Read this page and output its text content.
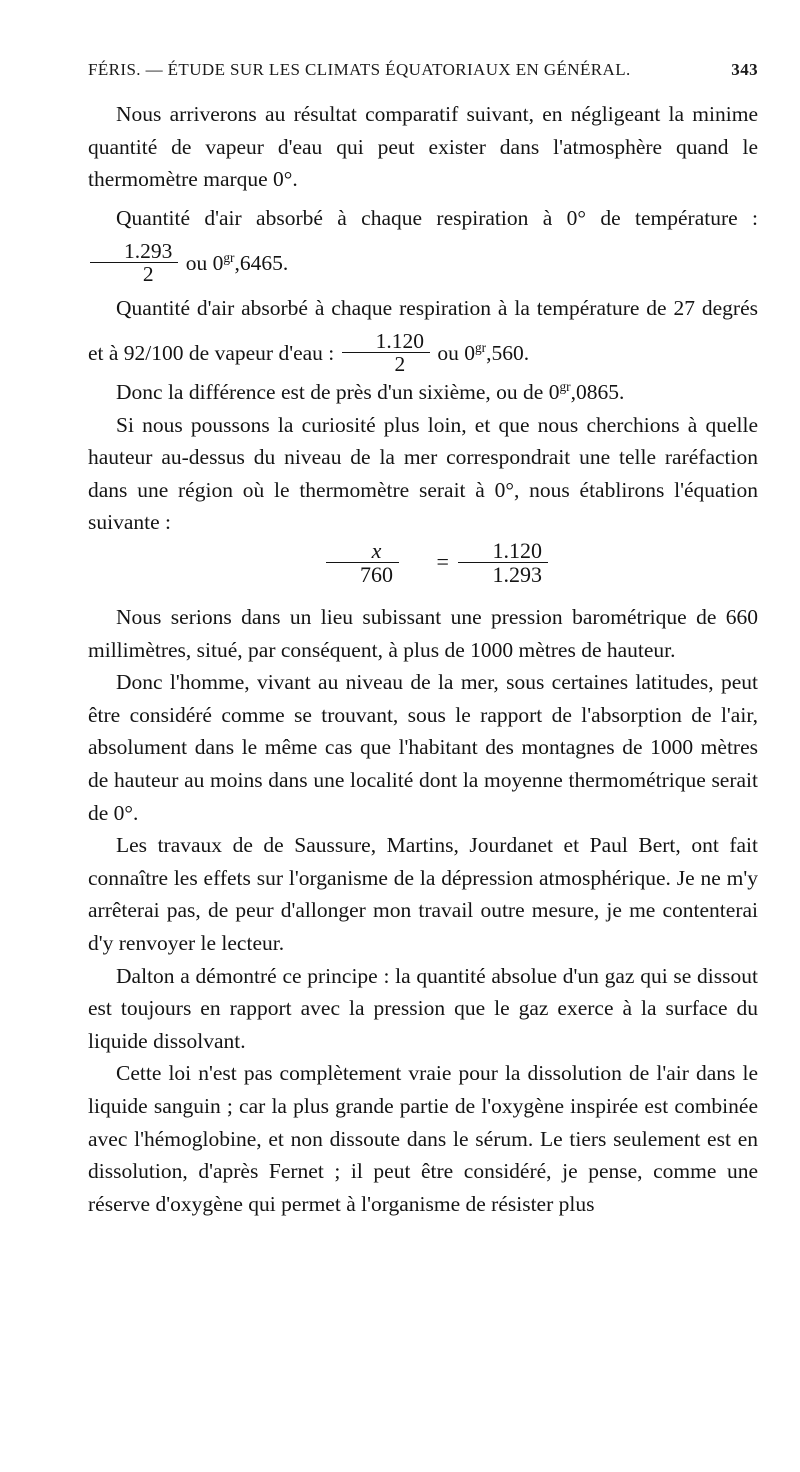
FÉRIS. — ÉTUDE SUR LES CLIMATS ÉQUATORIAUX EN GÉNÉRAL.	343

Nous arriverons au résultat comparatif suivant, en négligeant la minime quantité de vapeur d'eau qui peut exister dans l'atmosphère quand le thermomètre marque 0°.

Quantité d'air absorbé à chaque respiration à 0° de température :
$\frac{1.293}{2}$ ou $0^{gr},6465$.

Quantité d'air absorbé à chaque respiration à la température de 27 degrés et à 92/100 de vapeur d'eau : $\frac{1.120}{2}$ ou $0^{gr},560$.

Donc la différence est de près d'un sixième, ou de $0^{gr},0865$.

Si nous poussons la curiosité plus loin, et que nous cherchions à quelle hauteur au-dessus du niveau de la mer correspondrait une telle raréfaction dans une région où le thermomètre serait à 0°, nous établirons l'équation suivante :

$\frac{x}{760} = \frac{1.120}{1.293}$

Nous serions dans un lieu subissant une pression barométrique de 660 millimètres, situé, par conséquent, à plus de 1000 mètres de hauteur.

Donc l'homme, vivant au niveau de la mer, sous certaines latitudes, peut être considéré comme se trouvant, sous le rapport de l'absorption de l'air, absolument dans le même cas que l'habitant des montagnes de 1000 mètres de hauteur au moins dans une localité dont la moyenne thermométrique serait de 0°.

Les travaux de de Saussure, Martins, Jourdanet et Paul Bert, ont fait connaître les effets sur l'organisme de la dépression atmosphérique. Je ne m'y arrêterai pas, de peur d'allonger mon travail outre mesure, je me contenterai d'y renvoyer le lecteur.

Dalton a démontré ce principe : la quantité absolue d'un gaz qui se dissout est toujours en rapport avec la pression que le gaz exerce à la surface du liquide dissolvant.

Cette loi n'est pas complètement vraie pour la dissolution de l'air dans le liquide sanguin ; car la plus grande partie de l'oxygène inspirée est combinée avec l'hémoglobine, et non dissoute dans le sérum. Le tiers seulement est en dissolution, d'après Fernet ; il peut être considéré, je pense, comme une réserve d'oxygène qui permet à l'organisme de résister plus
